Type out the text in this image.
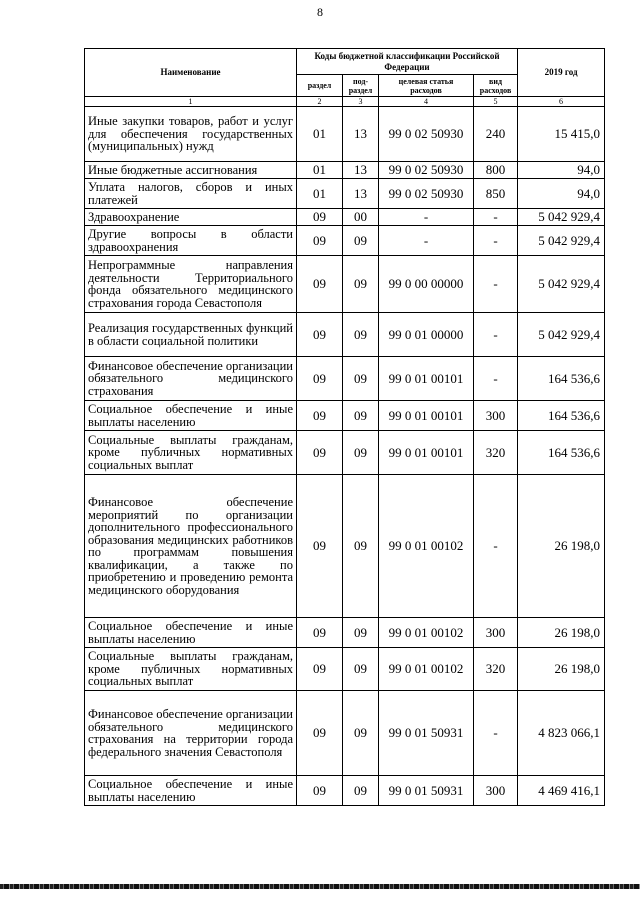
8
Наименование	Коды бюджетной классификации Российской Федерации				2019 год
	раздел	под-раздел	целевая статья расходов	вид расходов	
1	2	3	4	5	6
Иные закупки товаров, работ и услуг для обеспечения государственных (муниципальных) нужд	01	13	99 0 02 50930	240	15 415,0
Иные бюджетные ассигнования	01	13	99 0 02 50930	800	94,0
Уплата налогов, сборов и иных платежей	01	13	99 0 02 50930	850	94,0
Здравоохранение	09	00	-	-	5 042 929,4
Другие вопросы в области здравоохранения	09	09	-	-	5 042 929,4
Непрограммные направления деятельности Территориального фонда обязательного медицинского страхования города Севастополя	09	09	99 0 00 00000	-	5 042 929,4
Реализация государственных функций в области социальной политики	09	09	99 0 01 00000	-	5 042 929,4
Финансовое обеспечение организации обязательного медицинского страхования	09	09	99 0 01 00101	-	164 536,6
Социальное обеспечение и иные выплаты населению	09	09	99 0 01 00101	300	164 536,6
Социальные выплаты гражданам, кроме публичных нормативных социальных выплат	09	09	99 0 01 00101	320	164 536,6
Финансовое обеспечение мероприятий по организации дополнительного профессионального образования медицинских работников по программам повышения квалификации, а также по приобретению и проведению ремонта медицинского оборудования	09	09	99 0 01 00102	-	26 198,0
Социальное обеспечение и иные выплаты населению	09	09	99 0 01 00102	300	26 198,0
Социальные выплаты гражданам, кроме публичных нормативных социальных выплат	09	09	99 0 01 00102	320	26 198,0
Финансовое обеспечение организации обязательного медицинского страхования на территории города федерального значения Севастополя	09	09	99 0 01 50931	-	4 823 066,1
Социальное обеспечение и иные выплаты населению	09	09	99 0 01 50931	300	4 469 416,1
